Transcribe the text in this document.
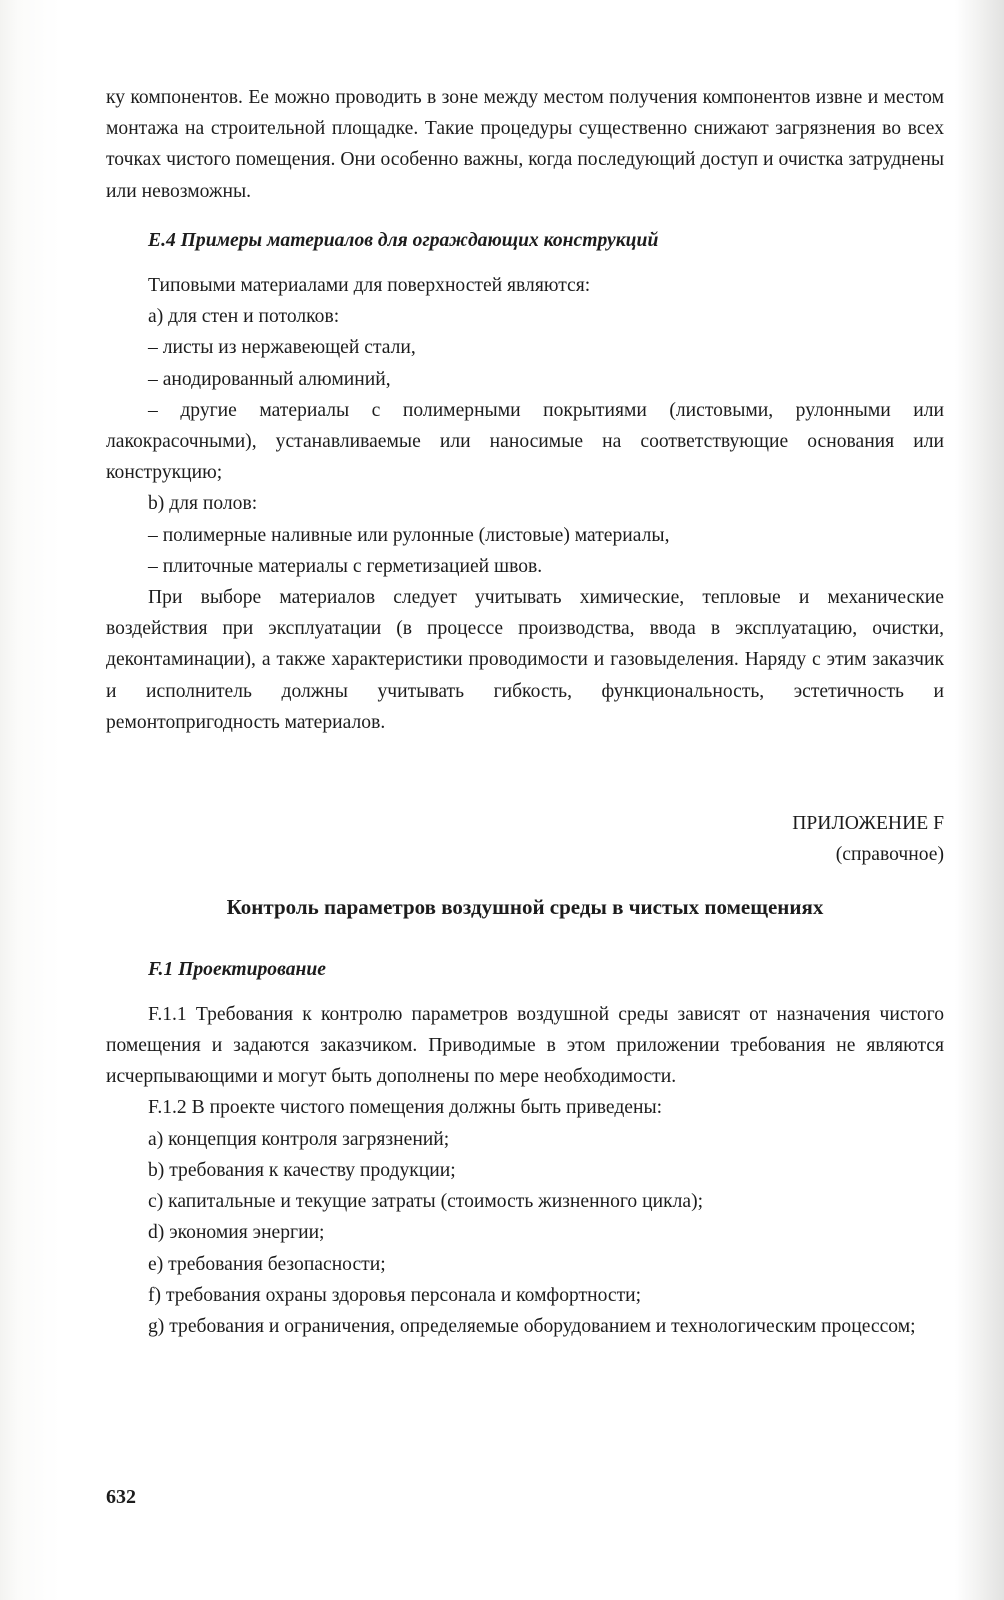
ку компонентов. Ее можно проводить в зоне между местом получения компонентов извне и местом монтажа на строительной площадке. Такие процедуры существенно снижают загрязнения во всех точках чистого помещения. Они особенно важны, когда последующий доступ и очистка затруднены или невозможны.

Е.4 Примеры материалов для ограждающих конструкций

Типовыми материалами для поверхностей являются:

a) для стен и потолков:

– листы из нержавеющей стали,

– анодированный алюминий,

– другие материалы с полимерными покрытиями (листовыми, рулонными или лакокрасочными), устанавливаемые или наносимые на соответствующие основания или конструкцию;

b) для полов:

– полимерные наливные или рулонные (листовые) материалы,

– плиточные материалы с герметизацией швов.

При выборе материалов следует учитывать химические, тепловые и механические воздействия при эксплуатации (в процессе производства, ввода в эксплуатацию, очистки, деконтаминации), а также характеристики проводимости и газовыделения. Наряду с этим заказчик и исполнитель должны учитывать гибкость, функциональность, эстетичность и ремонтопригодность материалов.

ПРИЛОЖЕНИЕ F

(справочное)

Контроль параметров воздушной среды в чистых помещениях
F.1 Проектирование

F.1.1 Требования к контролю параметров воздушной среды зависят от назначения чистого помещения и задаются заказчиком. Приводимые в этом приложении требования не являются исчерпывающими и могут быть дополнены по мере необходимости.

F.1.2 В проекте чистого помещения должны быть приведены:

a) концепция контроля загрязнений;

b) требования к качеству продукции;

c) капитальные и текущие затраты (стоимость жизненного цикла);

d) экономия энергии;

e) требования безопасности;

f) требования охраны здоровья персонала и комфортности;

g) требования и ограничения, определяемые оборудованием и технологическим процессом;

632
